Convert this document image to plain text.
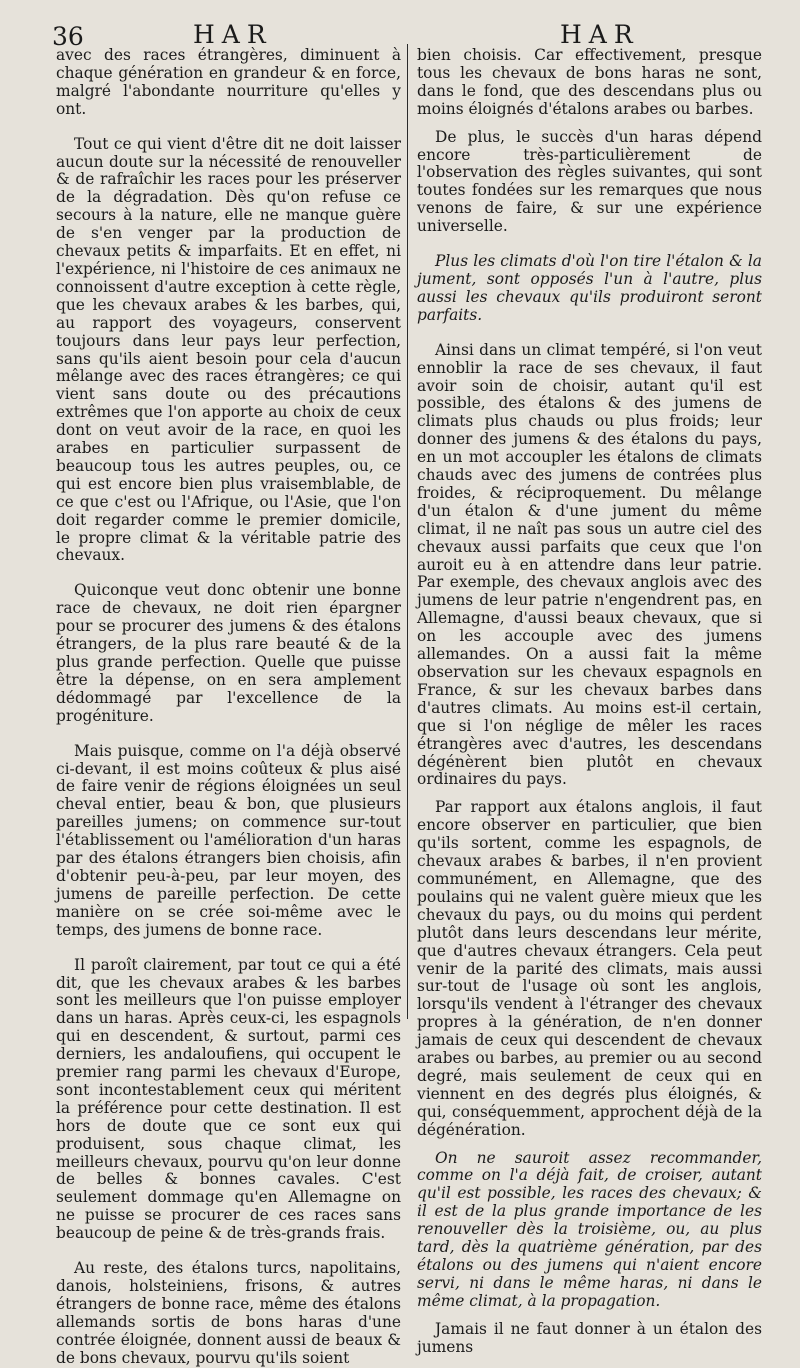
36	HAR	HAR

avec des races étrangères, diminuent à chaque génération en grandeur & en force, malgré l'abondante nourriture qu'elles y ont.

Tout ce qui vient d'être dit ne doit laisser aucun doute sur la nécessité de renouveller & de rafraîchir les races pour les préserver de la dégradation. Dès qu'on refuse ce secours à la nature, elle ne manque guère de s'en venger par la production de chevaux petits & imparfaits. Et en effet, ni l'expérience, ni l'histoire de ces animaux ne connoissent d'autre exception à cette règle, que les chevaux arabes & les barbes, qui, au rapport des voyageurs, conservent toujours dans leur pays leur perfection, sans qu'ils aient besoin pour cela d'aucun mêlange avec des races étrangères; ce qui vient sans doute ou des précautions extrêmes que l'on apporte au choix de ceux dont on veut avoir de la race, en quoi les arabes en particulier surpassent de beaucoup tous les autres peuples, ou, ce qui est encore bien plus vraisemblable, de ce que c'est ou l'Afrique, ou l'Asie, que l'on doit regarder comme le premier domicile, le propre climat & la véritable patrie des chevaux.

Quiconque veut donc obtenir une bonne race de chevaux, ne doit rien épargner pour se procurer des jumens & des étalons étrangers, de la plus rare beauté & de la plus grande perfection. Quelle que puisse être la dépense, on en sera amplement dédommagé par l'excellence de la progéniture.

Mais puisque, comme on l'a déjà observé ci-devant, il est moins coûteux & plus aisé de faire venir de régions éloignées un seul cheval entier, beau & bon, que plusieurs pareilles jumens; on commence sur-tout l'établissement ou l'amélioration d'un haras par des étalons étrangers bien choisis, afin d'obtenir peu-à-peu, par leur moyen, des jumens de pareille perfection. De cette manière on se crée soi-même avec le temps, des jumens de bonne race.

Il paroît clairement, par tout ce qui a été dit, que les chevaux arabes & les barbes sont les meilleurs que l'on puisse employer dans un haras. Après ceux-ci, les espagnols qui en descendent, & surtout, parmi ces derniers, les andaloufiens, qui occupent le premier rang parmi les chevaux d'Europe, sont incontestablement ceux qui méritent la préférence pour cette destination. Il est hors de doute que ce sont eux qui produisent, sous chaque climat, les meilleurs chevaux, pourvu qu'on leur donne de belles & bonnes cavales. C'est seulement dommage qu'en Allemagne on ne puisse se procurer de ces races sans beaucoup de peine & de très-grands frais.

Au reste, des étalons turcs, napolitains, danois, holsteiniens, frisons, & autres étrangers de bonne race, même des étalons allemands sortis de bons haras d'une contrée éloignée, donnent aussi de beaux & de bons chevaux, pourvu qu'ils soient

bien choisis. Car effectivement, presque tous les chevaux de bons haras ne sont, dans le fond, que des descendans plus ou moins éloignés d'étalons arabes ou barbes.

De plus, le succès d'un haras dépend encore très-particulièrement de l'observation des règles suivantes, qui sont toutes fondées sur les remarques que nous venons de faire, & sur une expérience universelle.

Plus les climats d'où l'on tire l'étalon & la jument, sont opposés l'un à l'autre, plus aussi les chevaux qu'ils produiront seront parfaits.

Ainsi dans un climat tempéré, si l'on veut ennoblir la race de ses chevaux, il faut avoir soin de choisir, autant qu'il est possible, des étalons & des jumens de climats plus chauds ou plus froids; leur donner des jumens & des étalons du pays, en un mot accoupler les étalons de climats chauds avec des jumens de contrées plus froides, & réciproquement. Du mêlange d'un étalon & d'une jument du même climat, il ne naît pas sous un autre ciel des chevaux aussi parfaits que ceux que l'on auroit eu à en attendre dans leur patrie. Par exemple, des chevaux anglois avec des jumens de leur patrie n'engendrent pas, en Allemagne, d'aussi beaux chevaux, que si on les accouple avec des jumens allemandes. On a aussi fait la même observation sur les chevaux espagnols en France, & sur les chevaux barbes dans d'autres climats. Au moins est-il certain, que si l'on néglige de mêler les races étrangères avec d'autres, les descendans dégénèrent bien plutôt en chevaux ordinaires du pays.

Par rapport aux étalons anglois, il faut encore observer en particulier, que bien qu'ils sortent, comme les espagnols, de chevaux arabes & barbes, il n'en provient communément, en Allemagne, que des poulains qui ne valent guère mieux que les chevaux du pays, ou du moins qui perdent plutôt dans leurs descendans leur mérite, que d'autres chevaux étrangers. Cela peut venir de la parité des climats, mais aussi sur-tout de l'usage où sont les anglois, lorsqu'ils vendent à l'étranger des chevaux propres à la génération, de n'en donner jamais de ceux qui descendent de chevaux arabes ou barbes, au premier ou au second degré, mais seulement de ceux qui en viennent en des degrés plus éloignés, & qui, conséquemment, approchent déjà de la dégénération.

On ne sauroit assez recommander, comme on l'a déjà fait, de croiser, autant qu'il est possible, les races des chevaux; & il est de la plus grande importance de les renouveller dès la troisième, ou, au plus tard, dès la quatrième génération, par des étalons ou des jumens qui n'aient encore servi, ni dans le même haras, ni dans le même climat, à la propagation.

Jamais il ne faut donner à un étalon des jumens
